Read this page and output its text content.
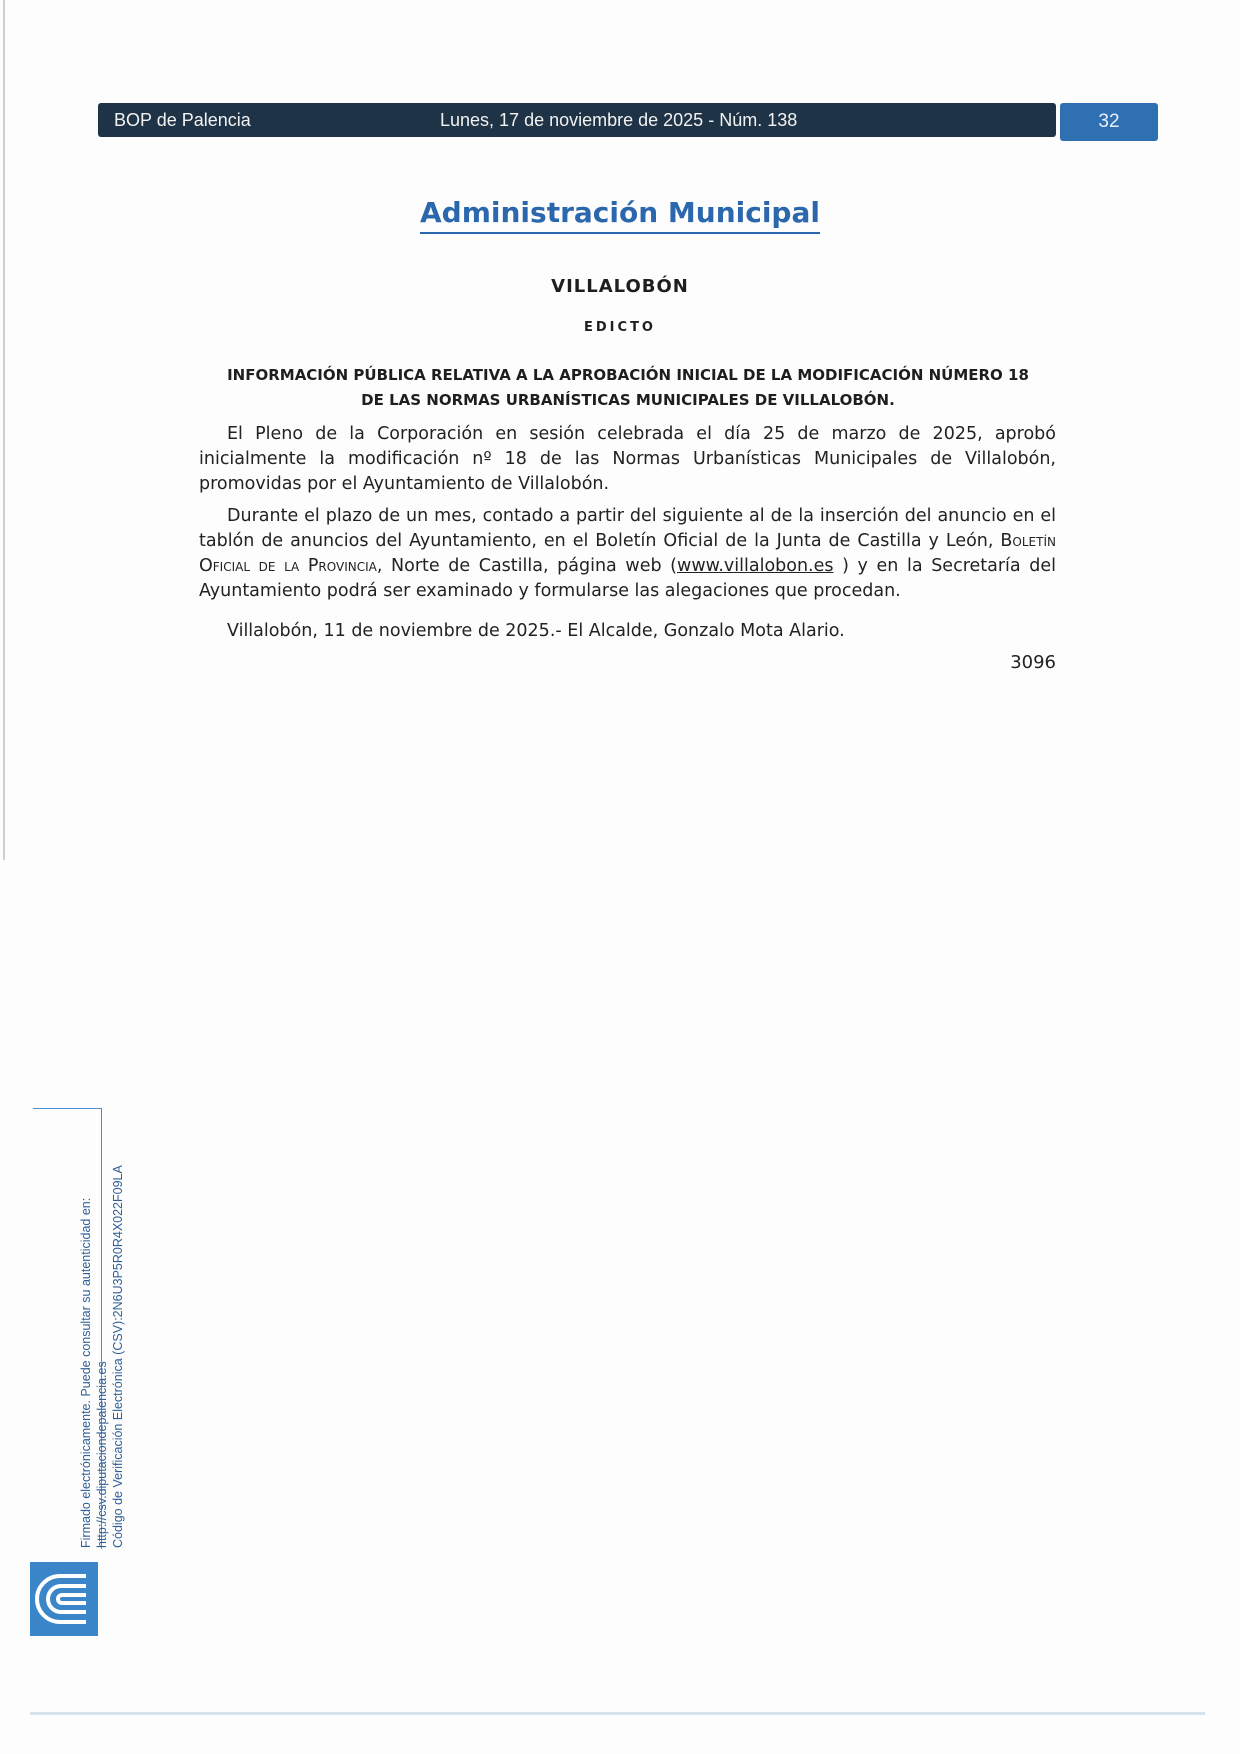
BOP de Palencia	Lunes, 17 de noviembre de 2025 - Núm. 138	32
Administración Municipal
VILLALOBÓN
EDICTO
INFORMACIÓN PÚBLICA RELATIVA A LA APROBACIÓN INICIAL DE LA MODIFICACIÓN NÚMERO 18
DE LAS NORMAS URBANÍSTICAS MUNICIPALES DE VILLALOBÓN.

El Pleno de la Corporación en sesión celebrada el día 25 de marzo de 2025, aprobó inicialmente la modificación nº 18 de las Normas Urbanísticas Municipales de Villalobón, promovidas por el Ayuntamiento de Villalobón.

Durante el plazo de un mes, contado a partir del siguiente al de la inserción del anuncio en el tablón de anuncios del Ayuntamiento, en el Boletín Oficial de la Junta de Castilla y León, Boletín Oficial de la Provincia, Norte de Castilla, página web (www.villalobon.es ) y en la Secretaría del Ayuntamiento podrá ser examinado y formularse las alegaciones que procedan.

Villalobón, 11 de noviembre de 2025.- El Alcalde, Gonzalo Mota Alario.

3096
Firmado electrónicamente. Puede consultar su autenticidad en: http://csv.diputaciondepalencia.es Código de Verificación Electrónica (CSV):2N6U3P5R0R4X022F09LA
